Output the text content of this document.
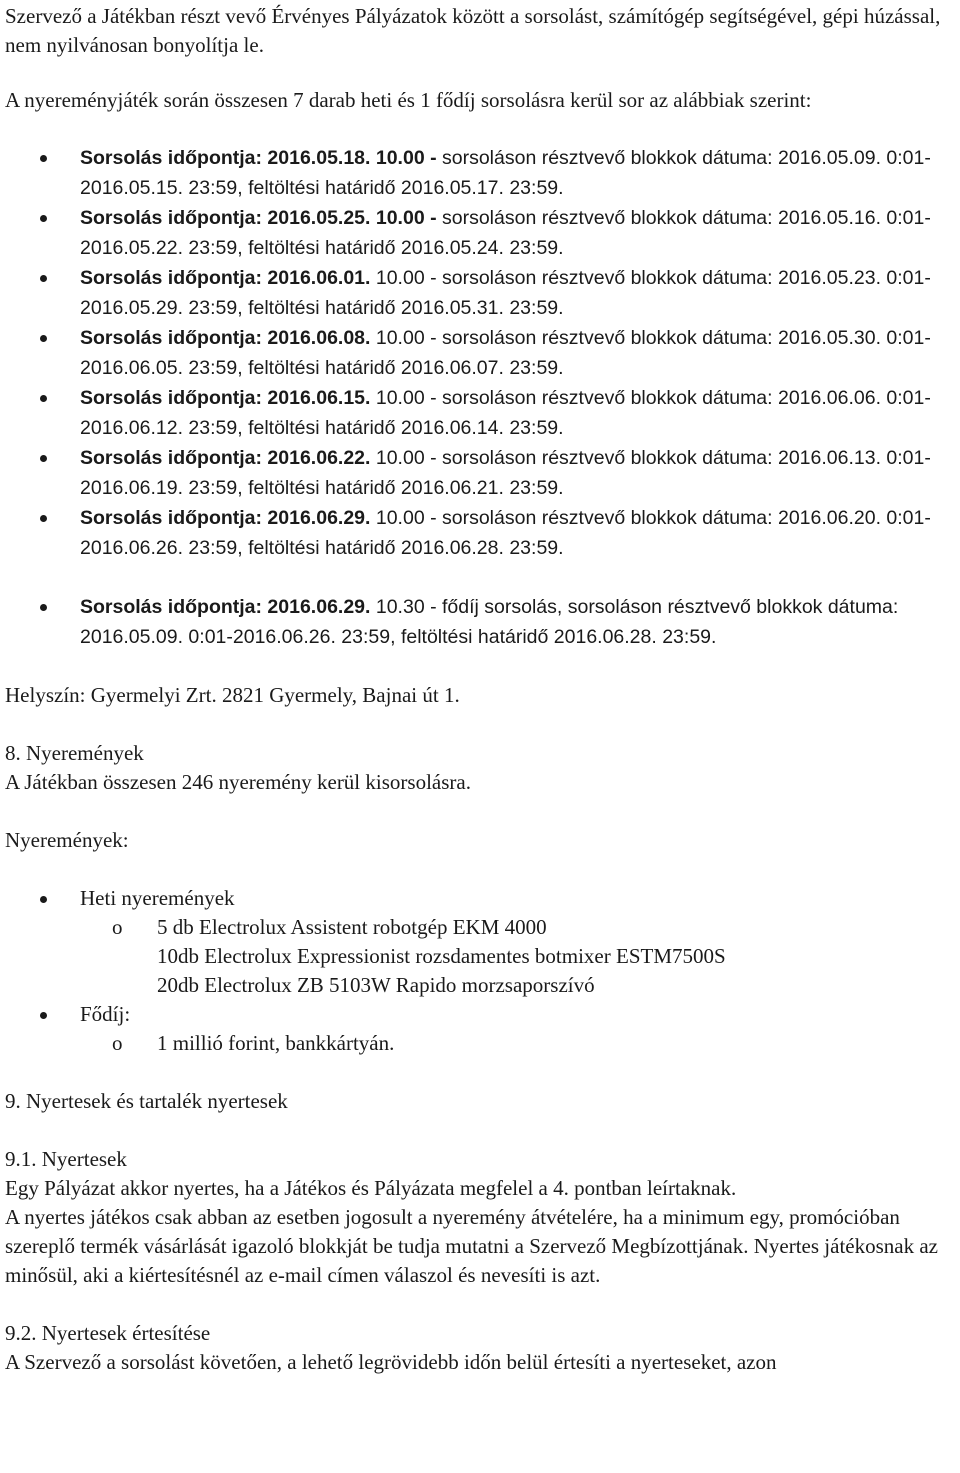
Szervező a Játékban részt vevő Érvényes Pályázatok között a sorsolást, számítógép segítségével, gépi húzással, nem nyilvánosan bonyolítja le.

A nyereményjáték során összesen 7 darab heti és 1 fődíj sorsolásra kerül sor az alábbiak szerint:

Sorsolás időpontja: 2016.05.18. 10.00 - sorsoláson résztvevő blokkok dátuma: 2016.05.09. 0:01-2016.05.15. 23:59, feltöltési határidő 2016.05.17. 23:59.
Sorsolás időpontja: 2016.05.25. 10.00 - sorsoláson résztvevő blokkok dátuma: 2016.05.16. 0:01-2016.05.22. 23:59, feltöltési határidő 2016.05.24. 23:59.
Sorsolás időpontja: 2016.06.01. 10.00 - sorsoláson résztvevő blokkok dátuma: 2016.05.23. 0:01-2016.05.29. 23:59, feltöltési határidő 2016.05.31. 23:59.
Sorsolás időpontja: 2016.06.08. 10.00 - sorsoláson résztvevő blokkok dátuma: 2016.05.30. 0:01-2016.06.05. 23:59, feltöltési határidő 2016.06.07. 23:59.
Sorsolás időpontja: 2016.06.15. 10.00 - sorsoláson résztvevő blokkok dátuma: 2016.06.06. 0:01-2016.06.12. 23:59, feltöltési határidő 2016.06.14. 23:59.
Sorsolás időpontja: 2016.06.22. 10.00 - sorsoláson résztvevő blokkok dátuma: 2016.06.13. 0:01-2016.06.19. 23:59, feltöltési határidő 2016.06.21. 23:59.
Sorsolás időpontja: 2016.06.29. 10.00 - sorsoláson résztvevő blokkok dátuma: 2016.06.20. 0:01-2016.06.26. 23:59, feltöltési határidő 2016.06.28. 23:59.
Sorsolás időpontja: 2016.06.29. 10.30 - fődíj sorsolás, sorsoláson résztvevő blokkok dátuma: 2016.05.09. 0:01-2016.06.26. 23:59, feltöltési határidő 2016.06.28. 23:59.

Helyszín: Gyermelyi Zrt. 2821 Gyermely, Bajnai út 1.

8. Nyeremények

A Játékban összesen 246 nyeremény kerül kisorsolásra.

Nyeremények:

Heti nyeremények
o 5 db Electrolux Assistent robotgép EKM 4000
10db Electrolux Expressionist rozsdamentes botmixer ESTM7500S
20db Electrolux ZB 5103W Rapido morzsaporszívó
Fődíj:
o 1 millió forint, bankkártyán.

9. Nyertesek és tartalék nyertesek

9.1. Nyertesek

Egy Pályázat akkor nyertes, ha a Játékos és Pályázata megfelel a 4. pontban leírtaknak.

A nyertes játékos csak abban az esetben jogosult a nyeremény átvételére, ha a minimum egy, promócióban szereplő termék vásárlását igazoló blokkját be tudja mutatni a Szervező Megbízottjának. Nyertes játékosnak az minősül, aki a kiértesítésnél az e-mail címen válaszol és nevesíti is azt.

9.2. Nyertesek értesítése

A Szervező a sorsolást követően, a lehető legrövidebb időn belül értesíti a nyerteseket, azon
